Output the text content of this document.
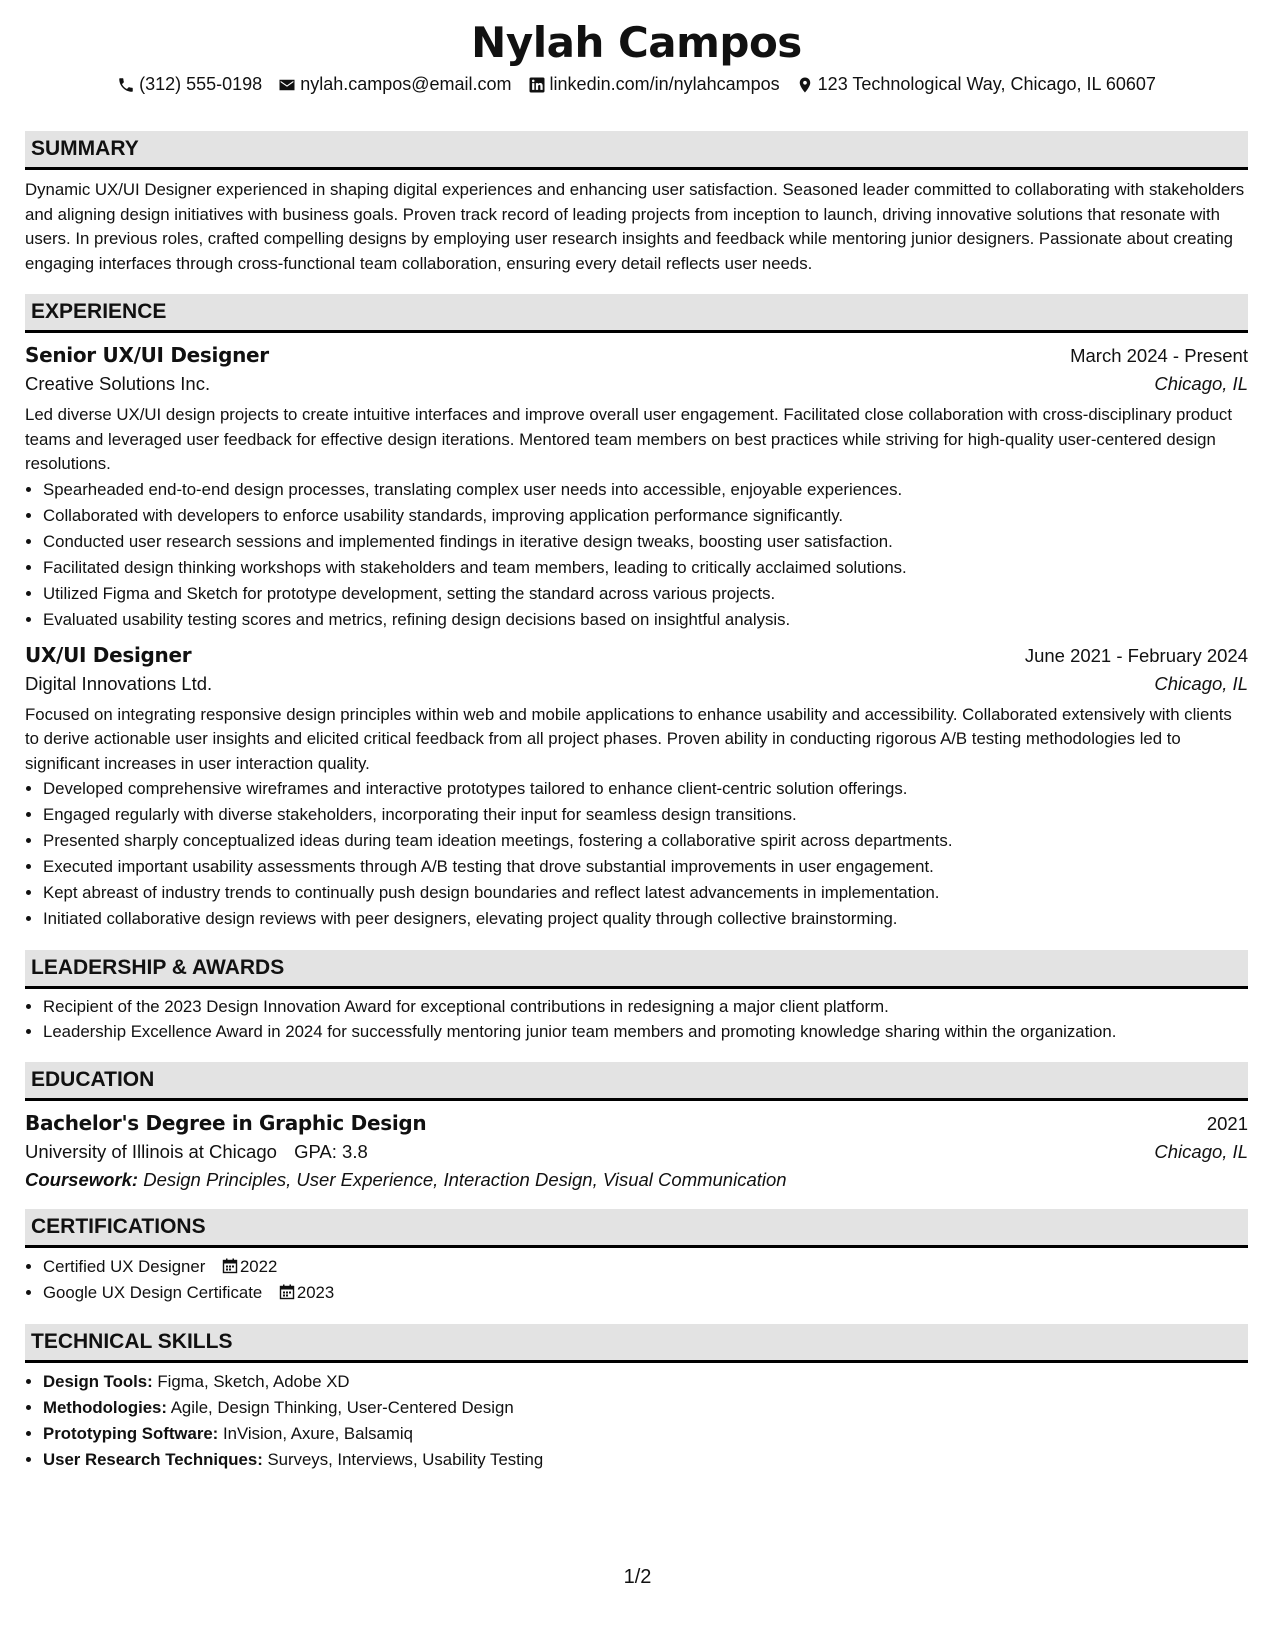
Nylah Campos
(312) 555-0198 nylah.campos@email.com linkedin.com/in/nylahcampos 123 Technological Way, Chicago, IL 60607
SUMMARY
Dynamic UX/UI Designer experienced in shaping digital experiences and enhancing user satisfaction. Seasoned leader committed to collaborating with stakeholders and aligning design initiatives with business goals. Proven track record of leading projects from inception to launch, driving innovative solutions that resonate with users. In previous roles, crafted compelling designs by employing user research insights and feedback while mentoring junior designers. Passionate about creating engaging interfaces through cross-functional team collaboration, ensuring every detail reflects user needs.
EXPERIENCE
Senior UX/UI Designer	March 2024 - Present
Creative Solutions Inc.	Chicago, IL
Led diverse UX/UI design projects to create intuitive interfaces and improve overall user engagement. Facilitated close collaboration with cross-disciplinary product teams and leveraged user feedback for effective design iterations. Mentored team members on best practices while striving for high-quality user-centered design resolutions.
• Spearheaded end-to-end design processes, translating complex user needs into accessible, enjoyable experiences.
• Collaborated with developers to enforce usability standards, improving application performance significantly.
• Conducted user research sessions and implemented findings in iterative design tweaks, boosting user satisfaction.
• Facilitated design thinking workshops with stakeholders and team members, leading to critically acclaimed solutions.
• Utilized Figma and Sketch for prototype development, setting the standard across various projects.
• Evaluated usability testing scores and metrics, refining design decisions based on insightful analysis.
UX/UI Designer	June 2021 - February 2024
Digital Innovations Ltd.	Chicago, IL
Focused on integrating responsive design principles within web and mobile applications to enhance usability and accessibility. Collaborated extensively with clients to derive actionable user insights and elicited critical feedback from all project phases. Proven ability in conducting rigorous A/B testing methodologies led to significant increases in user interaction quality.
• Developed comprehensive wireframes and interactive prototypes tailored to enhance client-centric solution offerings.
• Engaged regularly with diverse stakeholders, incorporating their input for seamless design transitions.
• Presented sharply conceptualized ideas during team ideation meetings, fostering a collaborative spirit across departments.
• Executed important usability assessments through A/B testing that drove substantial improvements in user engagement.
• Kept abreast of industry trends to continually push design boundaries and reflect latest advancements in implementation.
• Initiated collaborative design reviews with peer designers, elevating project quality through collective brainstorming.
LEADERSHIP & AWARDS
• Recipient of the 2023 Design Innovation Award for exceptional contributions in redesigning a major client platform.
• Leadership Excellence Award in 2024 for successfully mentoring junior team members and promoting knowledge sharing within the organization.
EDUCATION
Bachelor's Degree in Graphic Design	2021
University of Illinois at Chicago GPA: 3.8	Chicago, IL
Coursework: Design Principles, User Experience, Interaction Design, Visual Communication
CERTIFICATIONS
• Certified UX Designer 2022
• Google UX Design Certificate 2023
TECHNICAL SKILLS
• Design Tools: Figma, Sketch, Adobe XD
• Methodologies: Agile, Design Thinking, User-Centered Design
• Prototyping Software: InVision, Axure, Balsamiq
• User Research Techniques: Surveys, Interviews, Usability Testing
1/2
